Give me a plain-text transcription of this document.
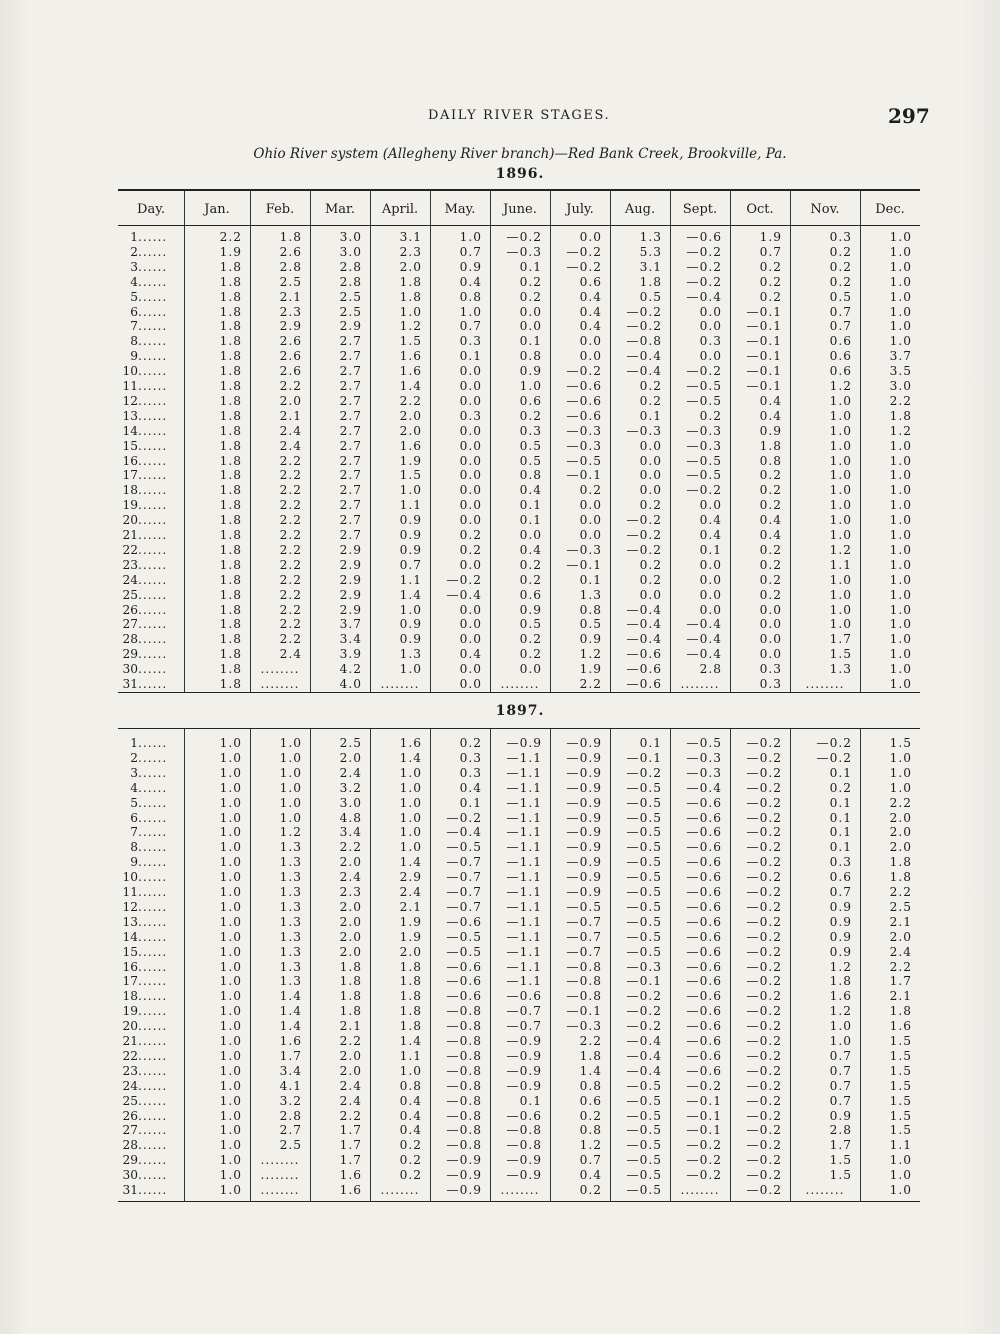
DAILY RIVER STAGES.	297
Ohio River system (Allegheny River branch)—Red Bank Creek, Brookville, Pa.
1896.
Day.	Jan.	Feb.	Mar.	April.	May.	June.	July.	Aug.	Sept.	Oct.	Nov.	Dec.
1......	2.2	1.8	3.0	3.1	1.0	—0.2	0.0	1.3	—0.6	1.9	0.3	1.0
2......	1.9	2.6	3.0	2.3	0.7	—0.3	—0.2	5.3	—0.2	0.7	0.2	1.0
3......	1.8	2.8	2.8	2.0	0.9	0.1	—0.2	3.1	—0.2	0.2	0.2	1.0
4......	1.8	2.5	2.8	1.8	0.4	0.2	0.6	1.8	—0.2	0.2	0.2	1.0
5......	1.8	2.1	2.5	1.8	0.8	0.2	0.4	0.5	—0.4	0.2	0.5	1.0
6......	1.8	2.3	2.5	1.0	1.0	0.0	0.4	—0.2	0.0	—0.1	0.7	1.0
7......	1.8	2.9	2.9	1.2	0.7	0.0	0.4	—0.2	0.0	—0.1	0.7	1.0
8......	1.8	2.6	2.7	1.5	0.3	0.1	0.0	—0.8	0.3	—0.1	0.6	1.0
9......	1.8	2.6	2.7	1.6	0.1	0.8	0.0	—0.4	0.0	—0.1	0.6	3.7
10......	1.8	2.6	2.7	1.6	0.0	0.9	—0.2	—0.4	—0.2	—0.1	0.6	3.5
11......	1.8	2.2	2.7	1.4	0.0	1.0	—0.6	0.2	—0.5	—0.1	1.2	3.0
12......	1.8	2.0	2.7	2.2	0.0	0.6	—0.6	0.2	—0.5	0.4	1.0	2.2
13......	1.8	2.1	2.7	2.0	0.3	0.2	—0.6	0.1	0.2	0.4	1.0	1.8
14......	1.8	2.4	2.7	2.0	0.0	0.3	—0.3	—0.3	—0.3	0.9	1.0	1.2
15......	1.8	2.4	2.7	1.6	0.0	0.5	—0.3	0.0	—0.3	1.8	1.0	1.0
16......	1.8	2.2	2.7	1.9	0.0	0.5	—0.5	0.0	—0.5	0.8	1.0	1.0
17......	1.8	2.2	2.7	1.5	0.0	0.8	—0.1	0.0	—0.5	0.2	1.0	1.0
18......	1.8	2.2	2.7	1.0	0.0	0.4	0.2	0.0	—0.2	0.2	1.0	1.0
19......	1.8	2.2	2.7	1.1	0.0	0.1	0.0	0.2	0.0	0.2	1.0	1.0
20......	1.8	2.2	2.7	0.9	0.0	0.1	0.0	—0.2	0.4	0.4	1.0	1.0
21......	1.8	2.2	2.7	0.9	0.2	0.0	0.0	—0.2	0.4	0.4	1.0	1.0
22......	1.8	2.2	2.9	0.9	0.2	0.4	—0.3	—0.2	0.1	0.2	1.2	1.0
23......	1.8	2.2	2.9	0.7	0.0	0.2	—0.1	0.2	0.0	0.2	1.1	1.0
24......	1.8	2.2	2.9	1.1	—0.2	0.2	0.1	0.2	0.0	0.2	1.0	1.0
25......	1.8	2.2	2.9	1.4	—0.4	0.6	1.3	0.0	0.0	0.2	1.0	1.0
26......	1.8	2.2	2.9	1.0	0.0	0.9	0.8	—0.4	0.0	0.0	1.0	1.0
27......	1.8	2.2	3.7	0.9	0.0	0.5	0.5	—0.4	—0.4	0.0	1.0	1.0
28......	1.8	2.2	3.4	0.9	0.0	0.2	0.9	—0.4	—0.4	0.0	1.7	1.0
29......	1.8	2.4	3.9	1.3	0.4	0.2	1.2	—0.6	—0.4	0.0	1.5	1.0
30......	1.8	........	4.2	1.0	0.0	0.0	1.9	—0.6	2.8	0.3	1.3	1.0
31......	1.8	........	4.0	........	0.0	........	2.2	—0.6	........	0.3	........	1.0
1897.
1......	1.0	1.0	2.5	1.6	0.2	—0.9	—0.9	0.1	—0.5	—0.2	—0.2	1.5
2......	1.0	1.0	2.0	1.4	0.3	—1.1	—0.9	—0.1	—0.3	—0.2	—0.2	1.0
3......	1.0	1.0	2.4	1.0	0.3	—1.1	—0.9	—0.2	—0.3	—0.2	0.1	1.0
4......	1.0	1.0	3.2	1.0	0.4	—1.1	—0.9	—0.5	—0.4	—0.2	0.2	1.0
5......	1.0	1.0	3.0	1.0	0.1	—1.1	—0.9	—0.5	—0.6	—0.2	0.1	2.2
6......	1.0	1.0	4.8	1.0	—0.2	—1.1	—0.9	—0.5	—0.6	—0.2	0.1	2.0
7......	1.0	1.2	3.4	1.0	—0.4	—1.1	—0.9	—0.5	—0.6	—0.2	0.1	2.0
8......	1.0	1.3	2.2	1.0	—0.5	—1.1	—0.9	—0.5	—0.6	—0.2	0.1	2.0
9......	1.0	1.3	2.0	1.4	—0.7	—1.1	—0.9	—0.5	—0.6	—0.2	0.3	1.8
10......	1.0	1.3	2.4	2.9	—0.7	—1.1	—0.9	—0.5	—0.6	—0.2	0.6	1.8
11......	1.0	1.3	2.3	2.4	—0.7	—1.1	—0.9	—0.5	—0.6	—0.2	0.7	2.2
12......	1.0	1.3	2.0	2.1	—0.7	—1.1	—0.5	—0.5	—0.6	—0.2	0.9	2.5
13......	1.0	1.3	2.0	1.9	—0.6	—1.1	—0.7	—0.5	—0.6	—0.2	0.9	2.1
14......	1.0	1.3	2.0	1.9	—0.5	—1.1	—0.7	—0.5	—0.6	—0.2	0.9	2.0
15......	1.0	1.3	2.0	2.0	—0.5	—1.1	—0.7	—0.5	—0.6	—0.2	0.9	2.4
16......	1.0	1.3	1.8	1.8	—0.6	—1.1	—0.8	—0.3	—0.6	—0.2	1.2	2.2
17......	1.0	1.3	1.8	1.8	—0.6	—1.1	—0.8	—0.1	—0.6	—0.2	1.8	1.7
18......	1.0	1.4	1.8	1.8	—0.6	—0.6	—0.8	—0.2	—0.6	—0.2	1.6	2.1
19......	1.0	1.4	1.8	1.8	—0.8	—0.7	—0.1	—0.2	—0.6	—0.2	1.2	1.8
20......	1.0	1.4	2.1	1.8	—0.8	—0.7	—0.3	—0.2	—0.6	—0.2	1.0	1.6
21......	1.0	1.6	2.2	1.4	—0.8	—0.9	2.2	—0.4	—0.6	—0.2	1.0	1.5
22......	1.0	1.7	2.0	1.1	—0.8	—0.9	1.8	—0.4	—0.6	—0.2	0.7	1.5
23......	1.0	3.4	2.0	1.0	—0.8	—0.9	1.4	—0.4	—0.6	—0.2	0.7	1.5
24......	1.0	4.1	2.4	0.8	—0.8	—0.9	0.8	—0.5	—0.2	—0.2	0.7	1.5
25......	1.0	3.2	2.4	0.4	—0.8	0.1	0.6	—0.5	—0.1	—0.2	0.7	1.5
26......	1.0	2.8	2.2	0.4	—0.8	—0.6	0.2	—0.5	—0.1	—0.2	0.9	1.5
27......	1.0	2.7	1.7	0.4	—0.8	—0.8	0.8	—0.5	—0.1	—0.2	2.8	1.5
28......	1.0	2.5	1.7	0.2	—0.8	—0.8	1.2	—0.5	—0.2	—0.2	1.7	1.1
29......	1.0	........	1.7	0.2	—0.9	—0.9	0.7	—0.5	—0.2	—0.2	1.5	1.0
30......	1.0	........	1.6	0.2	—0.9	—0.9	0.4	—0.5	—0.2	—0.2	1.5	1.0
31......	1.0	........	1.6	........	—0.9	........	0.2	—0.5	........	—0.2	........	1.0
